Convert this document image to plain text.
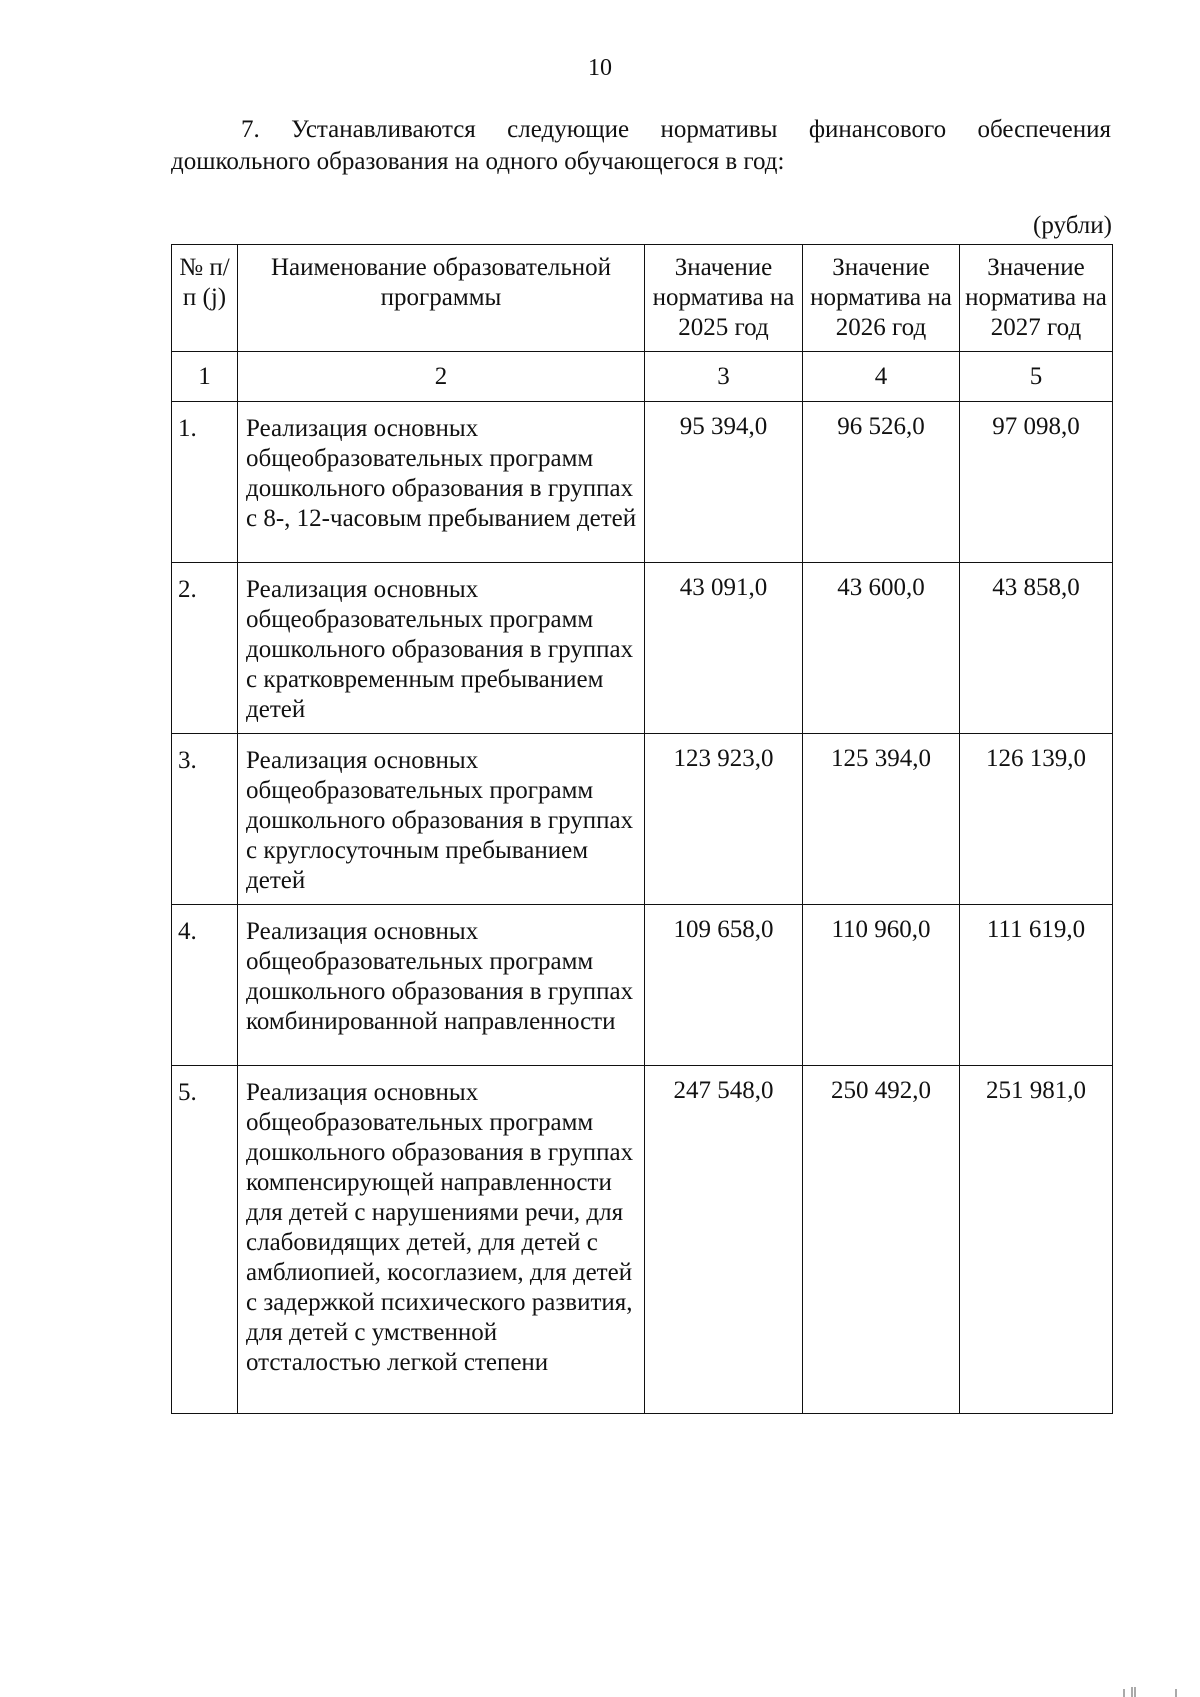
10
7. Устанавливаются следующие нормативы финансового обеспечения
дошкольного образования на одного обучающегося в год:
(рубли)
№ п/п (j)	Наименование образовательной программы	Значение норматива на 2025 год	Значение норматива на 2026 год	Значение норматива на 2027 год
1	2	3	4	5
1.	Реализация основных общеобразовательных программ дошкольного образования в группах с 8-, 12-часовым пребыванием детей	95 394,0	96 526,0	97 098,0
2.	Реализация основных общеобразовательных программ дошкольного образования в группах с кратковременным пребыванием детей	43 091,0	43 600,0	43 858,0
3.	Реализация основных общеобразовательных программ дошкольного образования в группах с круглосуточным пребыванием детей	123 923,0	125 394,0	126 139,0
4.	Реализация основных общеобразовательных программ дошкольного образования в группах комбинированной направленности	109 658,0	110 960,0	111 619,0
5.	Реализация основных общеобразовательных программ дошкольного образования в группах компенсирующей направленности для детей с нарушениями речи, для слабовидящих детей, для детей с амблиопией, косоглазием, для детей с задержкой психического развития, для детей с умственной отсталостью легкой степени	247 548,0	250 492,0	251 981,0
